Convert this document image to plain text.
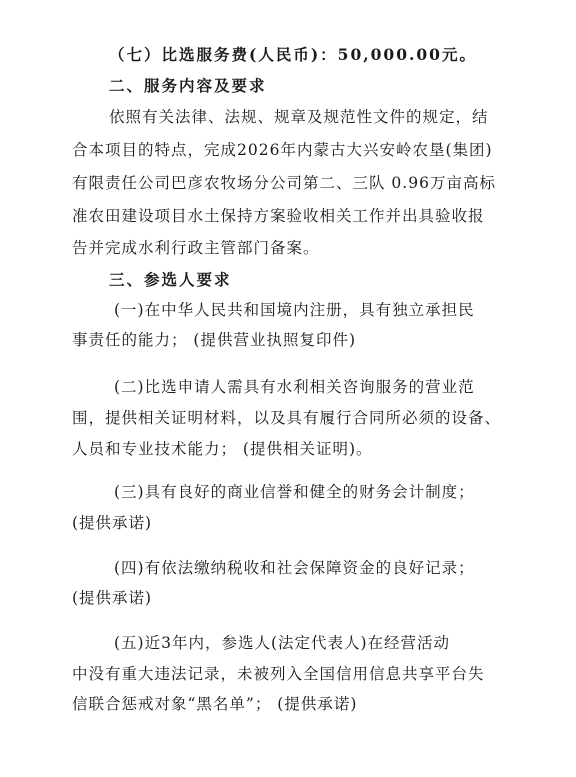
（七）比选服务费(人民币)：50,000.00元。
二、服务内容及要求
依照有关法律、法规、规章及规范性文件的规定，结
合本项目的特点，完成2026年内蒙古大兴安岭农垦(集团)
有限责任公司巴彦农牧场分公司第二、三队 0.96万亩高标
准农田建设项目水土保持方案验收相关工作并出具验收报
告并完成水利行政主管部门备案。
三、参选人要求
(一)在中华人民共和国境内注册，具有独立承担民
事责任的能力； (提供营业执照复印件)
(二)比选申请人需具有水利相关咨询服务的营业范
围，提供相关证明材料，以及具有履行合同所必须的设备、
人员和专业技术能力； (提供相关证明)。
(三)具有良好的商业信誉和健全的财务会计制度；
(提供承诺)
(四)有依法缴纳税收和社会保障资金的良好记录；
(提供承诺)
(五)近3年内，参选人(法定代表人)在经营活动
中没有重大违法记录，未被列入全国信用信息共享平台失
信联合惩戒对象“黑名单”； (提供承诺)
